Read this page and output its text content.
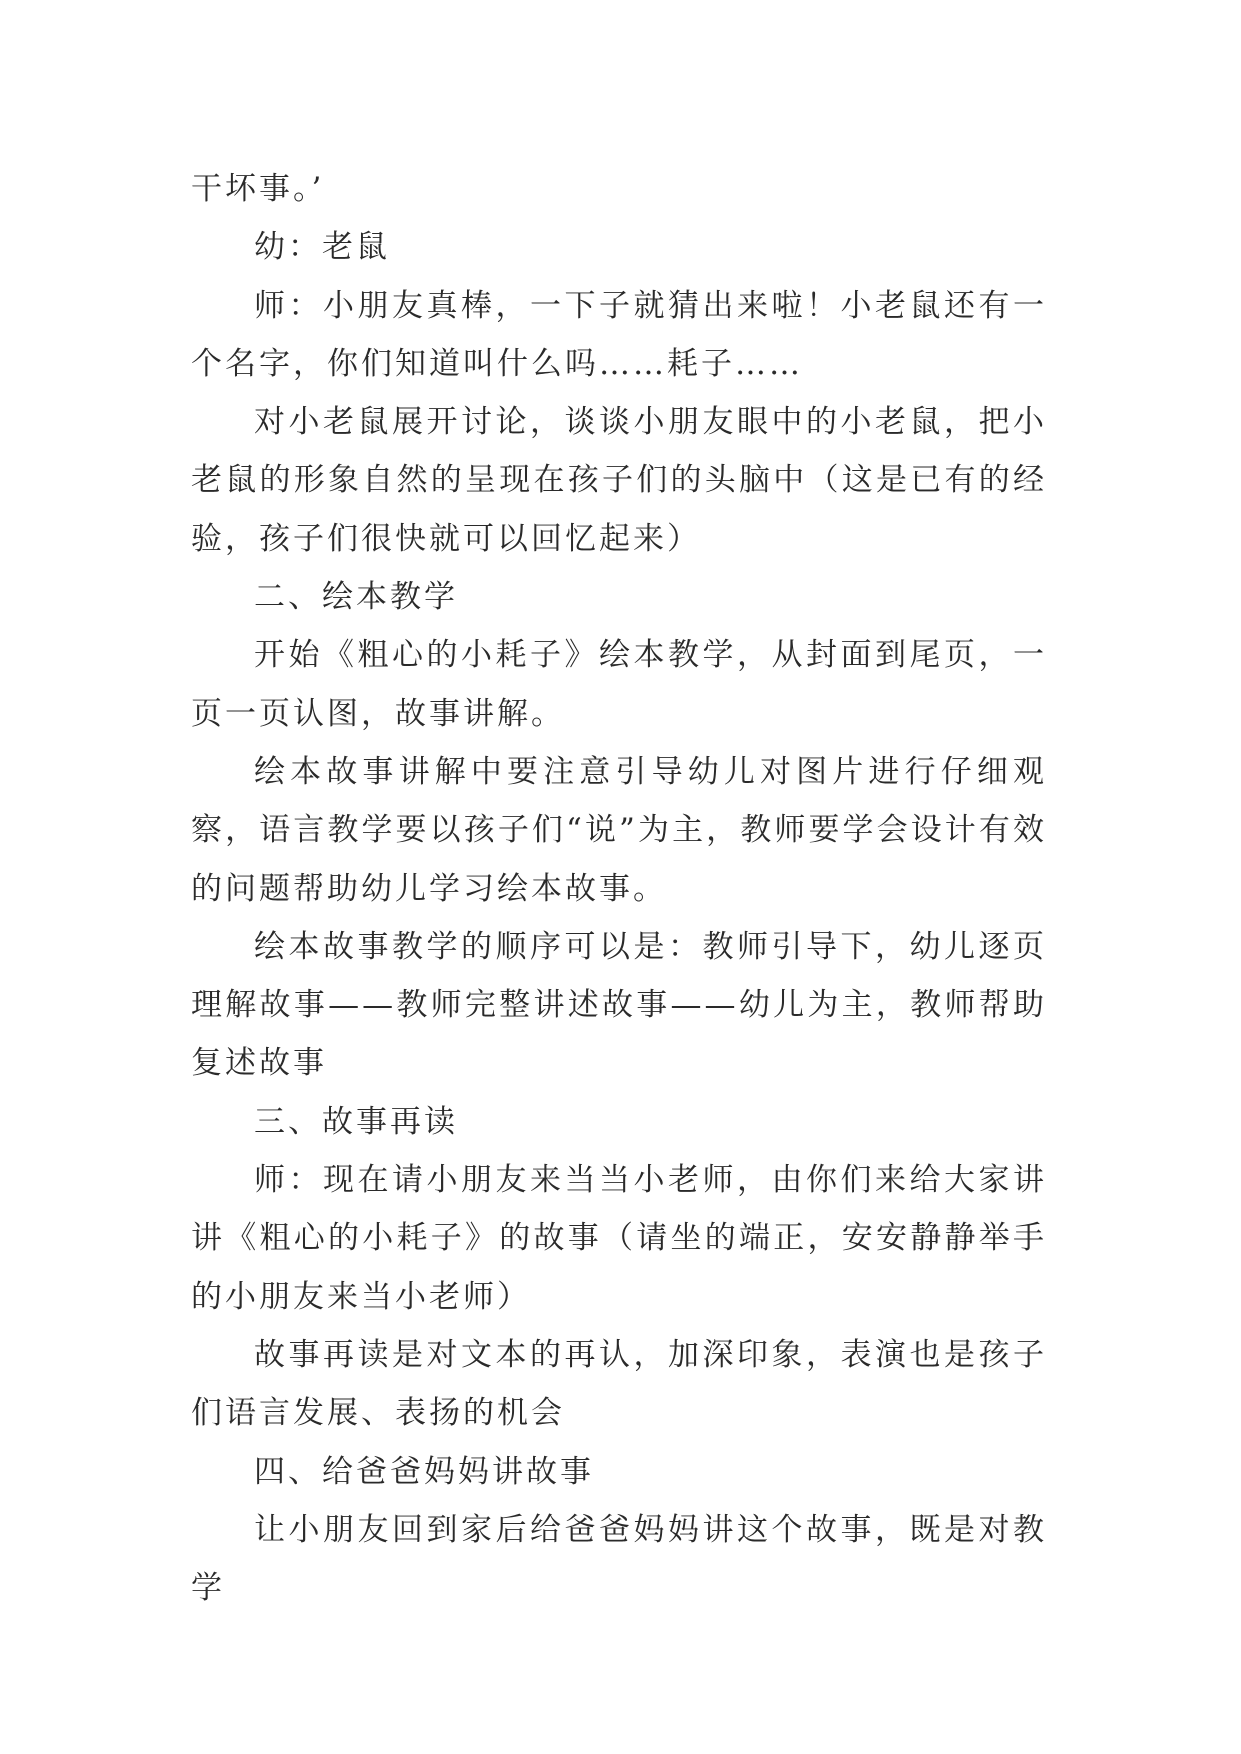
干坏事。’

幼：老鼠

师：小朋友真棒，一下子就猜出来啦！小老鼠还有一个名字，你们知道叫什么吗……耗子……

对小老鼠展开讨论，谈谈小朋友眼中的小老鼠，把小老鼠的形象自然的呈现在孩子们的头脑中（这是已有的经验，孩子们很快就可以回忆起来）

二、绘本教学

开始《粗心的小耗子》绘本教学，从封面到尾页，一页一页认图，故事讲解。

绘本故事讲解中要注意引导幼儿对图片进行仔细观察，语言教学要以孩子们“说”为主，教师要学会设计有效的问题帮助幼儿学习绘本故事。

绘本故事教学的顺序可以是：教师引导下，幼儿逐页理解故事——教师完整讲述故事——幼儿为主，教师帮助复述故事

三、故事再读

师：现在请小朋友来当当小老师，由你们来给大家讲讲《粗心的小耗子》的故事（请坐的端正，安安静静举手的小朋友来当小老师）

故事再读是对文本的再认，加深印象，表演也是孩子们语言发展、表扬的机会

四、给爸爸妈妈讲故事

让小朋友回到家后给爸爸妈妈讲这个故事，既是对教学
